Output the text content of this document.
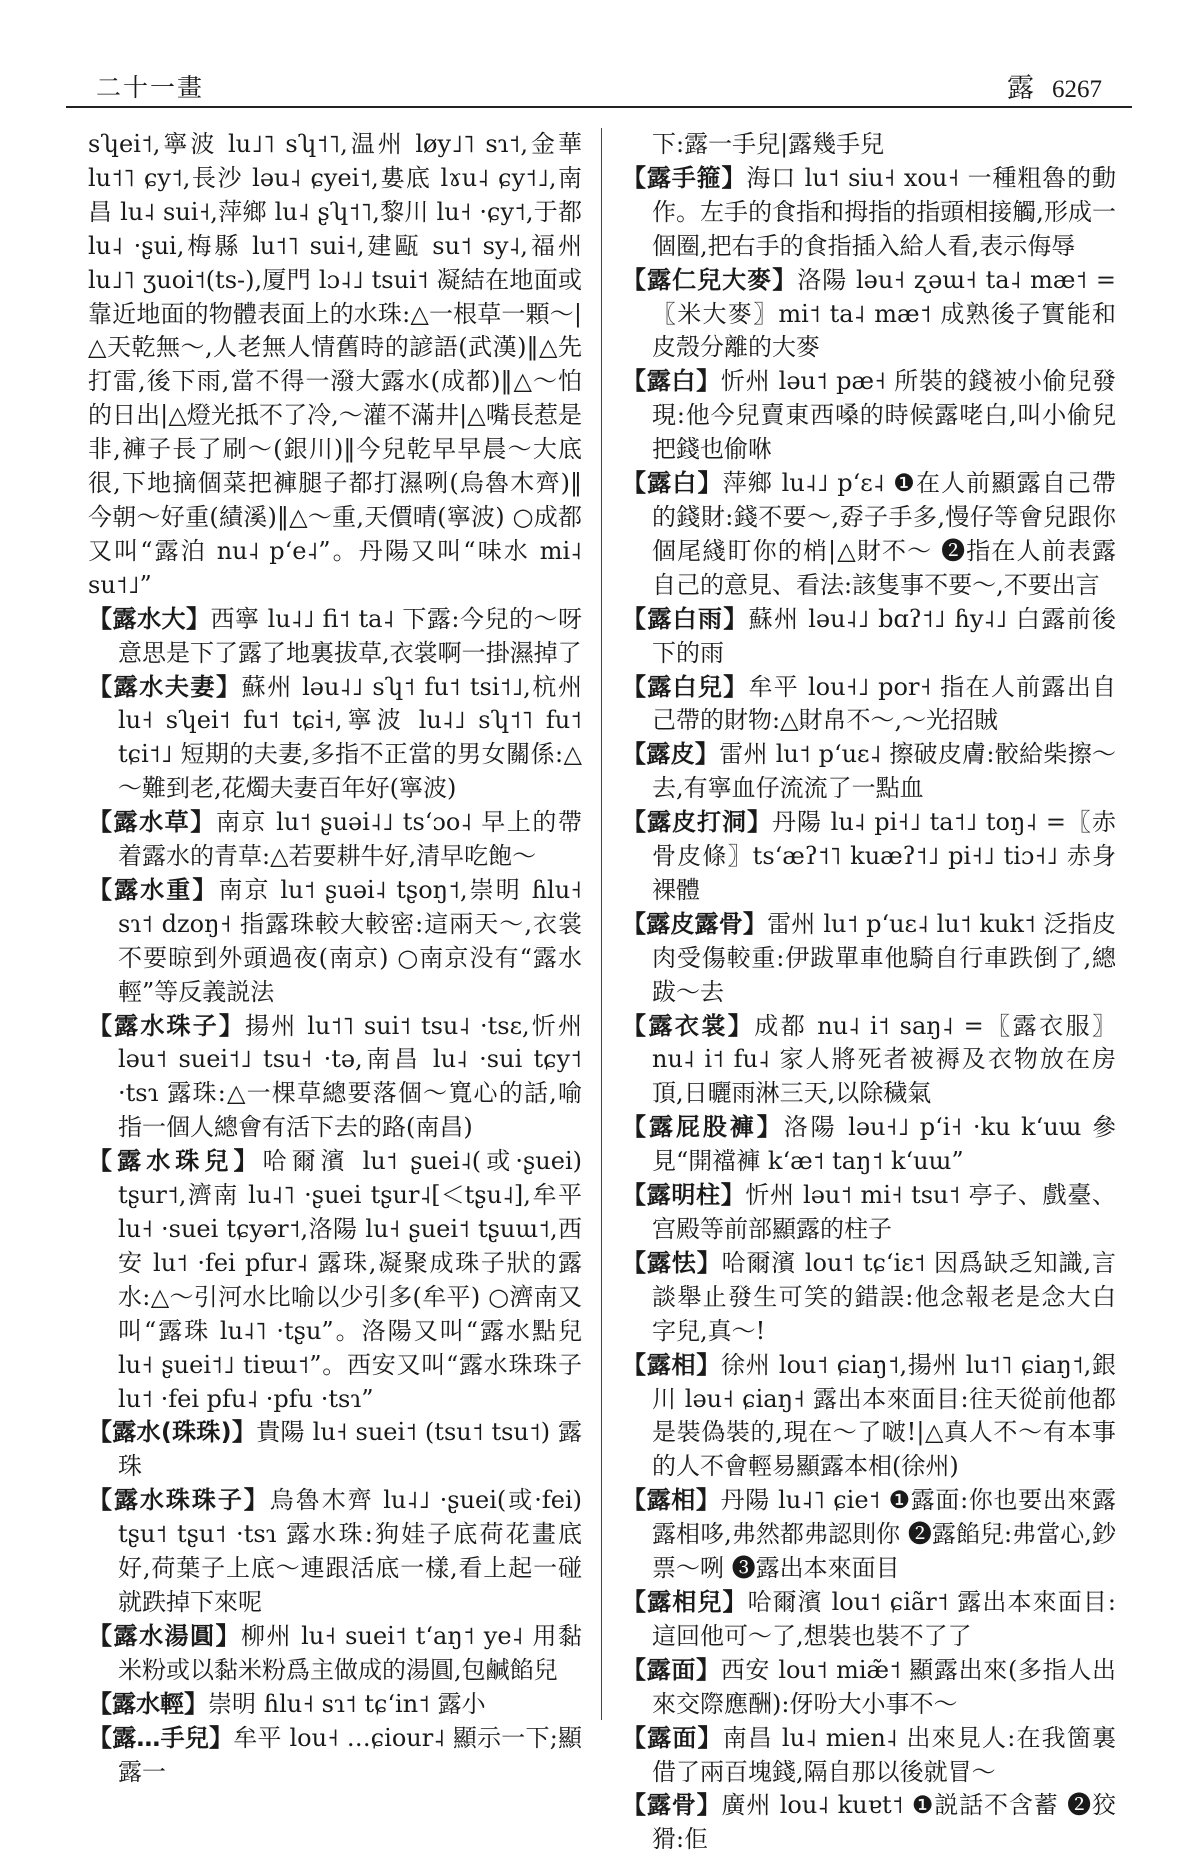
二十一畫	露 6267

sʮei˦,寧波 lu˩˥ sʮ˦˥,温州 løy˩˥ sɿ˦,金華 lu˦˥ ɕy˦,長沙 ləu˨ ɕyei˦,婁底 lɤu˨ ɕy˦˩,南昌 lu˨ sui˧,萍鄉 lu˨ ʂʮ˦˥,黎川 lu˧ ·ɕy˦,于都 lu˨ ·ʂui,梅縣 lu˦˥ sui˧,建甌 su˦ sy˨,福州 lu˩˥ ʒuoi˦(ts-),厦門 lɔ˨˩ tsui˦ 凝結在地面或靠近地面的物體表面上的水珠:△一根草一顆～|△天乾無～,人老無人情舊時的諺語(武漢)‖△先打雷,後下雨,當不得一潑大露水(成都)‖△～怕的日出|△燈光抵不了冷,～灌不滿井|△嘴長惹是非,褲子長了刷～(銀川)‖今兒乾早早晨～大底很,下地摘個菜把褲腿子都打濕咧(烏魯木齊)‖今朝～好重(績溪)‖△～重,天價晴(寧波) ○成都又叫“露泊 nu˨ pʻe˨”。丹陽又叫“味水 mi˨ su˦˩”

【露水大】西寧 lu˨˩ fi˦ ta˨ 下露:今兒的～呀意思是下了露了地裏拔草,衣裳啊一掛濕掉了

【露水夫妻】蘇州 ləu˨˩ sʮ˦ fu˦ tsi˦˩,杭州 lu˧ sʮei˦ fu˦ tɕi˧,寧波 lu˨˩ sʮ˦˥ fu˦ tɕi˦˩ 短期的夫妻,多指不正當的男女關係:△～難到老,花燭夫妻百年好(寧波)

【露水草】南京 lu˦ ʂuəi˨˩ tsʻɔo˨ 早上的帶着露水的青草:△若要耕牛好,清早吃飽～

【露水重】南京 lu˦ ʂuəi˨ tʂoŋ˦,崇明 ɦlu˧ sɿ˦ dzoŋ˧ 指露珠較大較密:這兩天～,衣裳不要晾到外頭過夜(南京) ○南京没有“露水輕”等反義説法

【露水珠子】揚州 lu˦˥ sui˦ tsu˨ ·tsɛ,忻州 ləu˦ suei˦˩ tsu˧ ·tə,南昌 lu˨ ·sui tɕy˦ ·tsɿ 露珠:△一棵草總要落個～寬心的話,喻指一個人總會有活下去的路(南昌)

【露水珠兒】哈爾濱 lu˦ ʂuei˨(或·ʂuei) tʂur˦,濟南 lu˨˥ ·ʂuei tʂur˨[＜tʂu˨],牟平 lu˧ ·suei tɕyər˦,洛陽 lu˧ ʂuei˦ tʂuɯ˦,西安 lu˦ ·fei pfur˨ 露珠,凝聚成珠子狀的露水:△～引河水比喻以少引多(牟平) ○濟南又叫“露珠 lu˨˥ ·tʂu”。洛陽又叫“露水點兒 lu˧ ʂuei˦˩ tiɐɯ˦”。西安又叫“露水珠珠子 lu˦ ·fei pfu˨ ·pfu ·tsɿ”

【露水(珠珠)】貴陽 lu˧ suei˦ (tsu˦ tsu˦) 露珠

【露水珠珠子】烏魯木齊 lu˨˩ ·ʂuei(或·fei) tʂu˦ tʂu˦ ·tsɿ 露水珠:狗娃子底荷花畫底好,荷葉子上底～連跟活底一樣,看上起一碰就跌掉下來呢

【露水湯圓】柳州 lu˧ suei˦ tʻaŋ˦ ye˨ 用黏米粉或以黏米粉爲主做成的湯圓,包鹹餡兒

【露水輕】崇明 ɦlu˧ sɿ˦ tɕʻin˦ 露小

【露…手兒】牟平 lou˧ …ɕiour˨ 顯示一下;顯露一

下:露一手兒|露幾手兒

【露手箍】海口 lu˦ siu˧ xou˧ 一種粗魯的動作。左手的食指和拇指的指頭相接觸,形成一個圈,把右手的食指插入給人看,表示侮辱

【露仁兒大麥】洛陽 ləu˧ ʐəɯ˧ ta˨ mæ˦ =〖米大麥〗mi˦ ta˨ mæ˦ 成熟後子實能和皮殼分離的大麥

【露白】忻州 ləu˦ pæ˧ 所裝的錢被小偷兒發現:他今兒賣東西嗓的時候露咾白,叫小偷兒把錢也偷咻

【露白】萍鄉 lu˨˩ pʻɛ˨ ❶在人前顯露自己帶的錢財:錢不要～,孬子手多,慢仔等會兒跟你個尾綫盯你的梢|△財不～ ❷指在人前表露自己的意見、看法:該隻事不要～,不要出言

【露白雨】蘇州 ləu˨˩ bɑʔ˦˩ ɦy˨˩ 白露前後下的雨

【露白兒】牟平 lou˧˩ por˧ 指在人前露出自己帶的財物:△財帛不～,～光招賊

【露皮】雷州 lu˦ pʻuɛ˨ 擦破皮膚:骹給柴擦～去,有寧血仔流流了一點血

【露皮打洞】丹陽 lu˨ pi˧˩ ta˦˩ toŋ˨ =〖赤骨皮條〗tsʻæʔ˦˥ kuæʔ˦˩ pi˧˩ tiɔ˧˩ 赤身裸體

【露皮露骨】雷州 lu˦ pʻuɛ˨ lu˦ kuk˦ 泛指皮肉受傷較重:伊跋單車他騎自行車跌倒了,總跋～去

【露衣裳】成都 nu˨ i˦ saŋ˨ =〖露衣服〗nu˨ i˦ fu˨ 家人將死者被褥及衣物放在房頂,日曬雨淋三天,以除穢氣

【露屁股褲】洛陽 ləu˧˩ pʻi˧ ·ku kʻuɯ 參見“開襠褲 kʻæ˦ taŋ˦ kʻuɯ”

【露明柱】忻州 ləu˦ mi˧ tsu˦ 亭子、戲臺、宫殿等前部顯露的柱子

【露怯】哈爾濱 lou˦ tɕʻiɛ˦ 因爲缺乏知識,言談舉止發生可笑的錯誤:他念報老是念大白字兒,真～!

【露相】徐州 lou˦ ɕiaŋ˦,揚州 lu˦˥ ɕiaŋ˦,銀川 ləu˧ ɕiaŋ˧ 露出本來面目:往天從前他都是裝偽裝的,現在～了啵!|△真人不～有本事的人不會輕易顯露本相(徐州)

【露相】丹陽 lu˨˥ ɕie˦ ❶露面:你也要出來露露相哆,弗然都弗認則你 ❷露餡兒:弗當心,鈔票～咧 ❸露出本來面目

【露相兒】哈爾濱 lou˦ ɕiãr˦ 露出本來面目:這回他可～了,想裝也裝不了了

【露面】西安 lou˦ miæ̃˦ 顯露出來(多指人出來交際應酬):伢吩大小事不～

【露面】南昌 lu˨ mien˨ 出來見人:在我箇裏借了兩百塊錢,隔自那以後就冒～

【露骨】廣州 lou˨ kuɐt˦ ❶説話不含蓄 ❷狡猾:佢
